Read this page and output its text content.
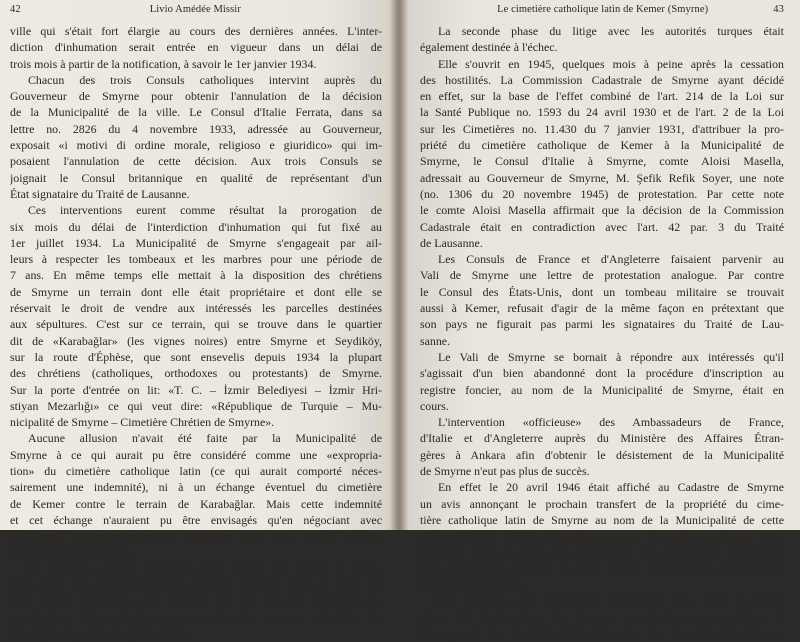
42	Livio Amédée Missir
ville qui s'était fort élargie au cours des dernières années. L'inter-
diction d'inhumation serait entrée en vigueur dans un délai de
trois mois à partir de la notification, à savoir le 1er janvier 1934.
Chacun des trois Consuls catholiques intervint auprès du
Gouverneur de Smyrne pour obtenir l'annulation de la décision
de la Municipalité de la ville. Le Consul d'Italie Ferrata, dans sa
lettre no. 2826 du 4 novembre 1933, adressée au Gouverneur,
exposait «i motivi di ordine morale, religioso e giuridico» qui im-
posaient l'annulation de cette décision. Aux trois Consuls se
joignait le Consul britannique en qualité de représentant d'un
État signataire du Traité de Lausanne.
Ces interventions eurent comme résultat la prorogation de
six mois du délai de l'interdiction d'inhumation qui fut fixé au
1er juillet 1934. La Municipalité de Smyrne s'engageait par ail-
leurs à respecter les tombeaux et les marbres pour une période de
7 ans. En même temps elle mettait à la disposition des chrétiens
de Smyrne un terrain dont elle était propriétaire et dont elle se
réservait le droit de vendre aux intéressés les parcelles destinées
aux sépultures. C'est sur ce terrain, qui se trouve dans le quartier
dit de «Karabağlar» (les vignes noires) entre Smyrne et Seydiköy,
sur la route d'Éphèse, que sont ensevelis depuis 1934 la plupart
des chrétiens (catholiques, orthodoxes ou protestants) de Smyrne.
Sur la porte d'entrée on lit: «T. C. – İzmir Belediyesi – İzmir Hri-
stiyan Mezarlığı» ce qui veut dire: «République de Turquie – Mu-
nicipalité de Smyrne – Cimetière Chrétien de Smyrne».
Aucune allusion n'avait été faite par la Municipalité de
Smyrne à ce qui aurait pu être considéré comme une «expropria-
tion» du cimetière catholique latin (ce qui aurait comporté néces-
sairement une indemnité), ni à un échange éventuel du cimetière
de Kemer contre le terrain de Karabağlar. Mais cette indemnité
et cet échange n'auraient pu être envisagés qu'en négociant avec
le Conseil d'Administration du Cimetière dont nous venons de dé-
crire la situation délicate.
La seconde guerre mondiale ayant éclaté en 1940, la ques-
tion resta en suspens pendant quelques années. Celle-ci avait du
reste perdu, en partie, son actualité du fait que les chrétiens en-
sevelissaient désormais leurs morts dans le nouveau cimetière de
Karabağlar depuis le 1er juillet 1934.
Le cimetière catholique latin de Kemer (Smyrne)	43
La seconde phase du litige avec les autorités turques était
également destinée à l'échec.
Elle s'ouvrit en 1945, quelques mois à peine après la cessation
des hostilités. La Commission Cadastrale de Smyrne ayant décidé
en effet, sur la base de l'effet combiné de l'art. 214 de la Loi sur
la Santé Publique no. 1593 du 24 avril 1930 et de l'art. 2 de la Loi
sur les Cimetières no. 11.430 du 7 janvier 1931, d'attribuer la pro-
priété du cimetière catholique de Kemer à la Municipalité de
Smyrne, le Consul d'Italie à Smyrne, comte Aloisi Masella,
adressait au Gouverneur de Smyrne, M. Şefik Refik Soyer, une note
(no. 1306 du 20 novembre 1945) de protestation. Par cette note
le comte Aloisi Masella affirmait que la décision de la Commission
Cadastrale était en contradiction avec l'art. 42 par. 3 du Traité
de Lausanne.
Les Consuls de France et d'Angleterre faisaient parvenir au
Vali de Smyrne une lettre de protestation analogue. Par contre
le Consul des États-Unis, dont un tombeau militaire se trouvait
aussi à Kemer, refusait d'agir de la même façon en prétextant que
son pays ne figurait pas parmi les signataires du Traité de Lau-
sanne.
Le Vali de Smyrne se bornait à répondre aux intéressés qu'il
s'agissait d'un bien abandonné dont la procédure d'inscription au
registre foncier, au nom de la Municipalité de Smyrne, était en
cours.
L'intervention «officieuse» des Ambassadeurs de France,
d'Italie et d'Angleterre auprès du Ministère des Affaires Étran-
gères à Ankara afin d'obtenir le désistement de la Municipalité
de Smyrne n'eut pas plus de succès.
En effet le 20 avril 1946 était affiché au Cadastre de Smyrne
un avis annonçant le prochain transfert de la propriété du cime-
tière catholique latin de Smyrne au nom de la Municipalité de cette
ville. Dans cet avis il était dit qu'au cas où il n'y aurait pas d'op-
positions dans un délai de deux mois, l'on procéderait à l'inscrip-
tion, au registre foncier, au nom de la Municipalité, du cimetière
abandonné de Kemer.
Les Consuls des Puissances catholiques qui, sous la prési-
dence de l'archevêque de Smyrne, continuaient, en principe, à
faire partie du Conseil d'Administration du cimetière de Kemer,
